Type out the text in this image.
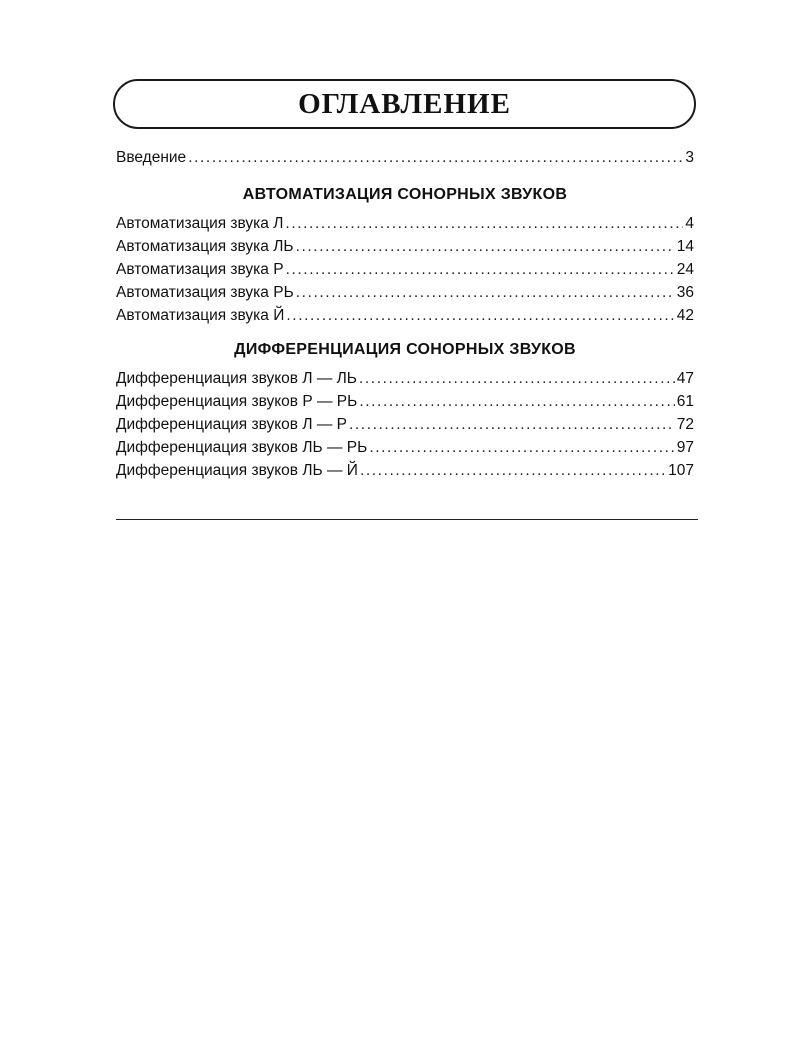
ОГЛАВЛЕНИЕ
Введение .....	3
АВТОМАТИЗАЦИЯ СОНОРНЫХ ЗВУКОВ
Автоматизация звука Л .....	4
Автоматизация звука ЛЬ .....	14
Автоматизация звука Р .....	24
Автоматизация звука РЬ .....	36
Автоматизация звука Й .....	42
ДИФФЕРЕНЦИАЦИЯ СОНОРНЫХ ЗВУКОВ
Дифференциация звуков Л — ЛЬ .....	47
Дифференциация звуков Р — РЬ .....	61
Дифференциация звуков Л — Р .....	72
Дифференциация звуков ЛЬ — РЬ .....	97
Дифференциация звуков ЛЬ — Й .....	107
